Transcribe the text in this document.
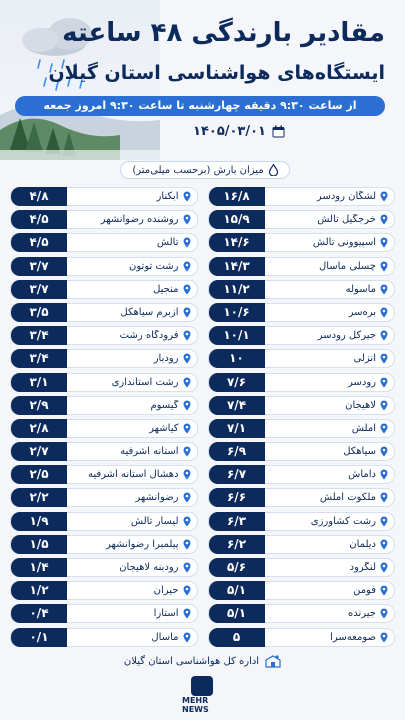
مقادیر بارندگی ۴۸ ساعته
ایستگاه‌های هواشناسی استان گیلان
از ساعت ۹:۳۰ دقیقه چهارشنبه تا ساعت ۹:۳۰ امروز جمعه
۱۴۰۵/۰۳/۰۱
میزان بارش (برحسب میلی‌متر)
لشگان رودسر
۱۶/۸
خرجگیل تالش
۱۵/۹
اسپیوونی تالش
۱۴/۶
چسلی ماسال
۱۴/۳
ماسوله
۱۱/۲
برەسر
۱۰/۶
جیرکل رودسر
۱۰/۱
انزلی
۱۰
رودسر
۷/۶
لاهیجان
۷/۴
املش
۷/۱
سیاهکل
۶/۹
داماش
۶/۷
ملکوت املش
۶/۶
رشت کشاورزی
۶/۳
دیلمان
۶/۲
لنگرود
۵/۶
فومن
۵/۱
جیرنده
۵/۱
صومعه‌سرا
۵
آبکنار
۴/۸
روشنده رضوانشهر
۴/۵
تالش
۴/۵
رشت توتون
۳/۷
منجیل
۳/۷
ازبرم سیاهکل
۳/۵
فرودگاه رشت
۳/۴
رودبار
۳/۴
رشت استانداری
۳/۱
گیسوم
۲/۹
کیاشهر
۲/۸
آستانه اشرفیه
۲/۷
دهشال آستانه اشرفیه
۲/۵
رضوانشهر
۲/۲
لیسار تالش
۱/۹
پیلمبرا رضوانشهر
۱/۵
رودبنه لاهیجان
۱/۴
حیران
۱/۲
آستارا
۰/۴
ماسال
۰/۱
اداره کل هواشناسی استان گیلان
MEHR NEWS
